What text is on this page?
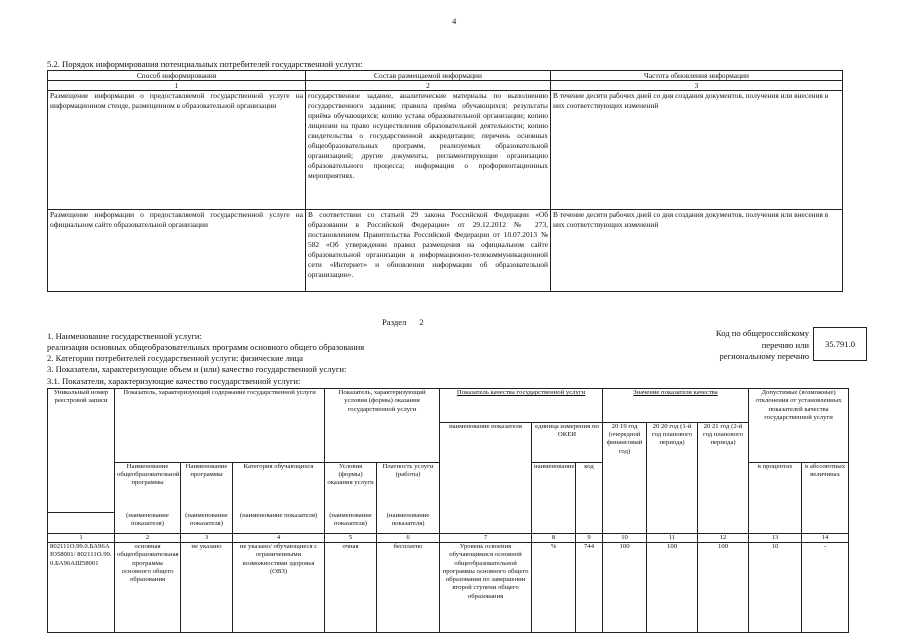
4
5.2. Порядок информирования потенциальных потребителей государственной услуги:
Способ информирования	Состав размещаемой информации	Частота обновления информации
1	2	3
Размещение информации о предоставляемой государственной услуге на информационном стенде, размещенном в образовательной организации	государственное задание, аналитические материалы по выполнению государственного задания; правила приёма обучающихся; результаты приёма обучающихся; копию устава образовательной организации; копию лицензии на право осуществления образовательной деятельности; копию свидетельства о государственной аккредитации; перечень основных общеобразовательных программ, реализуемых образовательной организацией; другие документы, регламентирующие организацию образовательного процесса; информация о профориентационных мероприятиях.	В течение десяти рабочих дней со дня создания документов, получения или внесения в них соответствующих изменений
Размещение информации о предоставляемой государственной услуге на официальном сайте образовательной организации	В соответствии со статьей 29 закона Российской Федерации «Об образовании в Российской Федерации» от 29.12.2012 № 273, постановлением Правительства Российской Федерации от 10.07.2013 № 582 «Об утверждении правил размещения на официальном сайте образовательной организации в информационно-телекоммуникационной сети «Интернет» и обновлении информации об образовательной организации».	В течение десяти рабочих дней со дня создания документов, получения или внесения в них соответствующих изменений
Раздел 2
1. Наименование государственной услуги:
реализация основных общеобразовательных программ основного общего образования
2. Категории потребителей государственной услуги: физические лица
3. Показатели, характеризующие объем и (или) качество государственной услуги:
3.1. Показатели, характеризующие качество государственной услуги:
Код по общероссийскому
перечню или
региональному перечню
35.791.0
Уникальный номер реестровой записи	Показатель, характеризующий содержание государственной услуги			Показатель, характеризующий условия (формы) оказания государственной услуги		Показатель качества государственной услуги			Значение показателя качества			Допустимые (возможные) отклонения от установленных показателей качества государственной услуги	
						наименование показателя	единица измерения по ОКЕИ		20 19 год (очередной финансовый год)	20 20 год (1-й год планового периода)	20 21 год (2-й год планового периода)		
	Наименование общеобразовательной программы	Наименование программы	Категория обучающихся	Условия (формы) оказания услуги	Платность услуги (работы)		наименование	код				в процентах	в абсолютных величинах
	(наименование показателя)	(наименование показателя)	(наименование показателя)	(наименование показателя)	(наименование показателя)								
1	2	3	4	5	6	7	8	9	10	11	12	13	14
802111О.99.0.БА96АЮ58001/ 802111О.99.0.БА96АШ58001	основная общеобразовательная программа основного общего образования	не указано	не указано/ обучающиеся с ограниченными возможностями здоровья (ОВЗ)	очная	бесплатно	Уровень освоения обучающимися основной общеобразовательной программы основного общего образования по завершении второй ступени общего образования	%	744	100	100	100	10	-
